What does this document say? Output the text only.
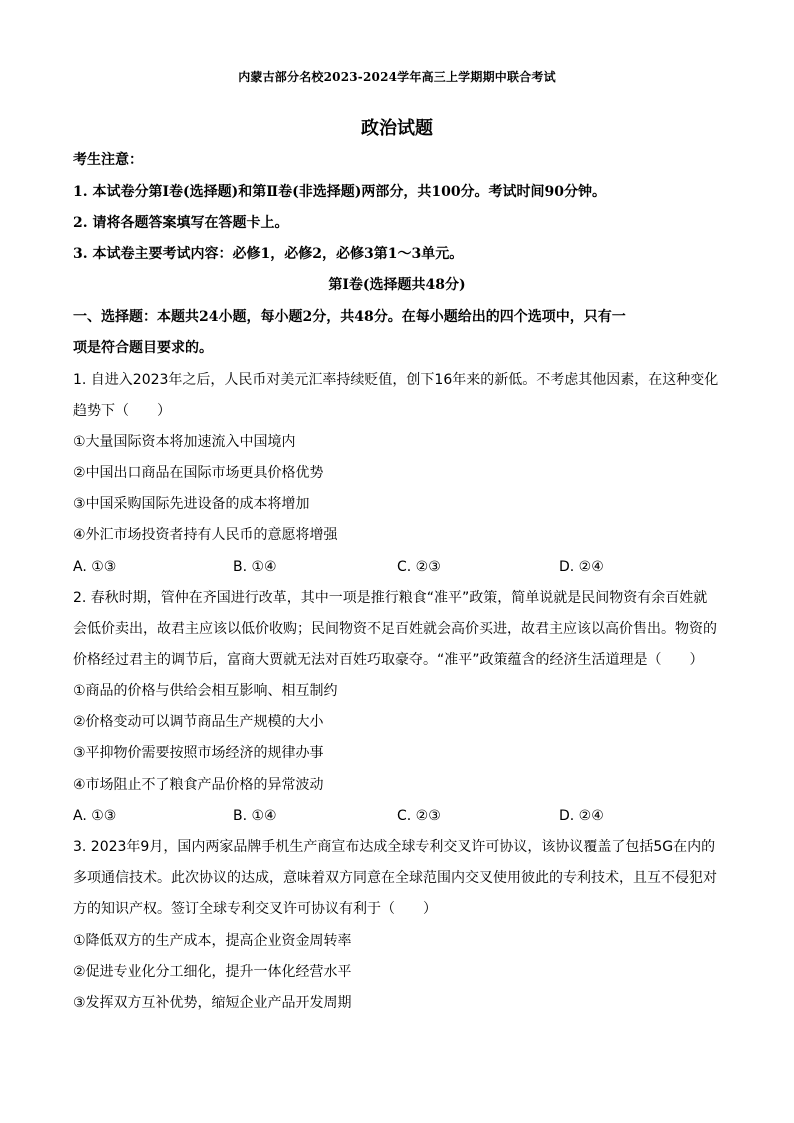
内蒙古部分名校2023-2024学年高三上学期期中联合考试
政治试题
考生注意：
1. 本试卷分第Ⅰ卷(选择题)和第Ⅱ卷(非选择题)两部分，共100分。考试时间90分钟。
2. 请将各题答案填写在答题卡上。
3. 本试卷主要考试内容：必修1，必修2，必修3第1～3单元。
第Ⅰ卷(选择题共48分)
一、选择题：本题共24小题，每小题2分，共48分。在每小题给出的四个选项中，只有一
项是符合题目要求的。
1. 自进入2023年之后，人民币对美元汇率持续贬值，创下16年来的新低。不考虑其他因素，在这种变化
趋势下（　　）
①大量国际资本将加速流入中国境内
②中国出口商品在国际市场更具价格优势
③中国采购国际先进设备的成本将增加
④外汇市场投资者持有人民币的意愿将增强
A. ①③	B. ①④	C. ②③	D. ②④
2. 春秋时期，管仲在齐国进行改革，其中一项是推行粮食“准平”政策，简单说就是民间物资有余百姓就
会低价卖出，故君主应该以低价收购；民间物资不足百姓就会高价买进，故君主应该以高价售出。物资的
价格经过君主的调节后，富商大贾就无法对百姓巧取豪夺。“准平”政策蕴含的经济生活道理是（　　）
①商品的价格与供给会相互影响、相互制约
②价格变动可以调节商品生产规模的大小
③平抑物价需要按照市场经济的规律办事
④市场阻止不了粮食产品价格的异常波动
A. ①③	B. ①④	C. ②③	D. ②④
3. 2023年9月，国内两家品牌手机生产商宣布达成全球专利交叉许可协议，该协议覆盖了包括5G在内的
多项通信技术。此次协议的达成，意味着双方同意在全球范围内交叉使用彼此的专利技术，且互不侵犯对
方的知识产权。签订全球专利交叉许可协议有利于（　　）
①降低双方的生产成本，提高企业资金周转率
②促进专业化分工细化，提升一体化经营水平
③发挥双方互补优势，缩短企业产品开发周期
